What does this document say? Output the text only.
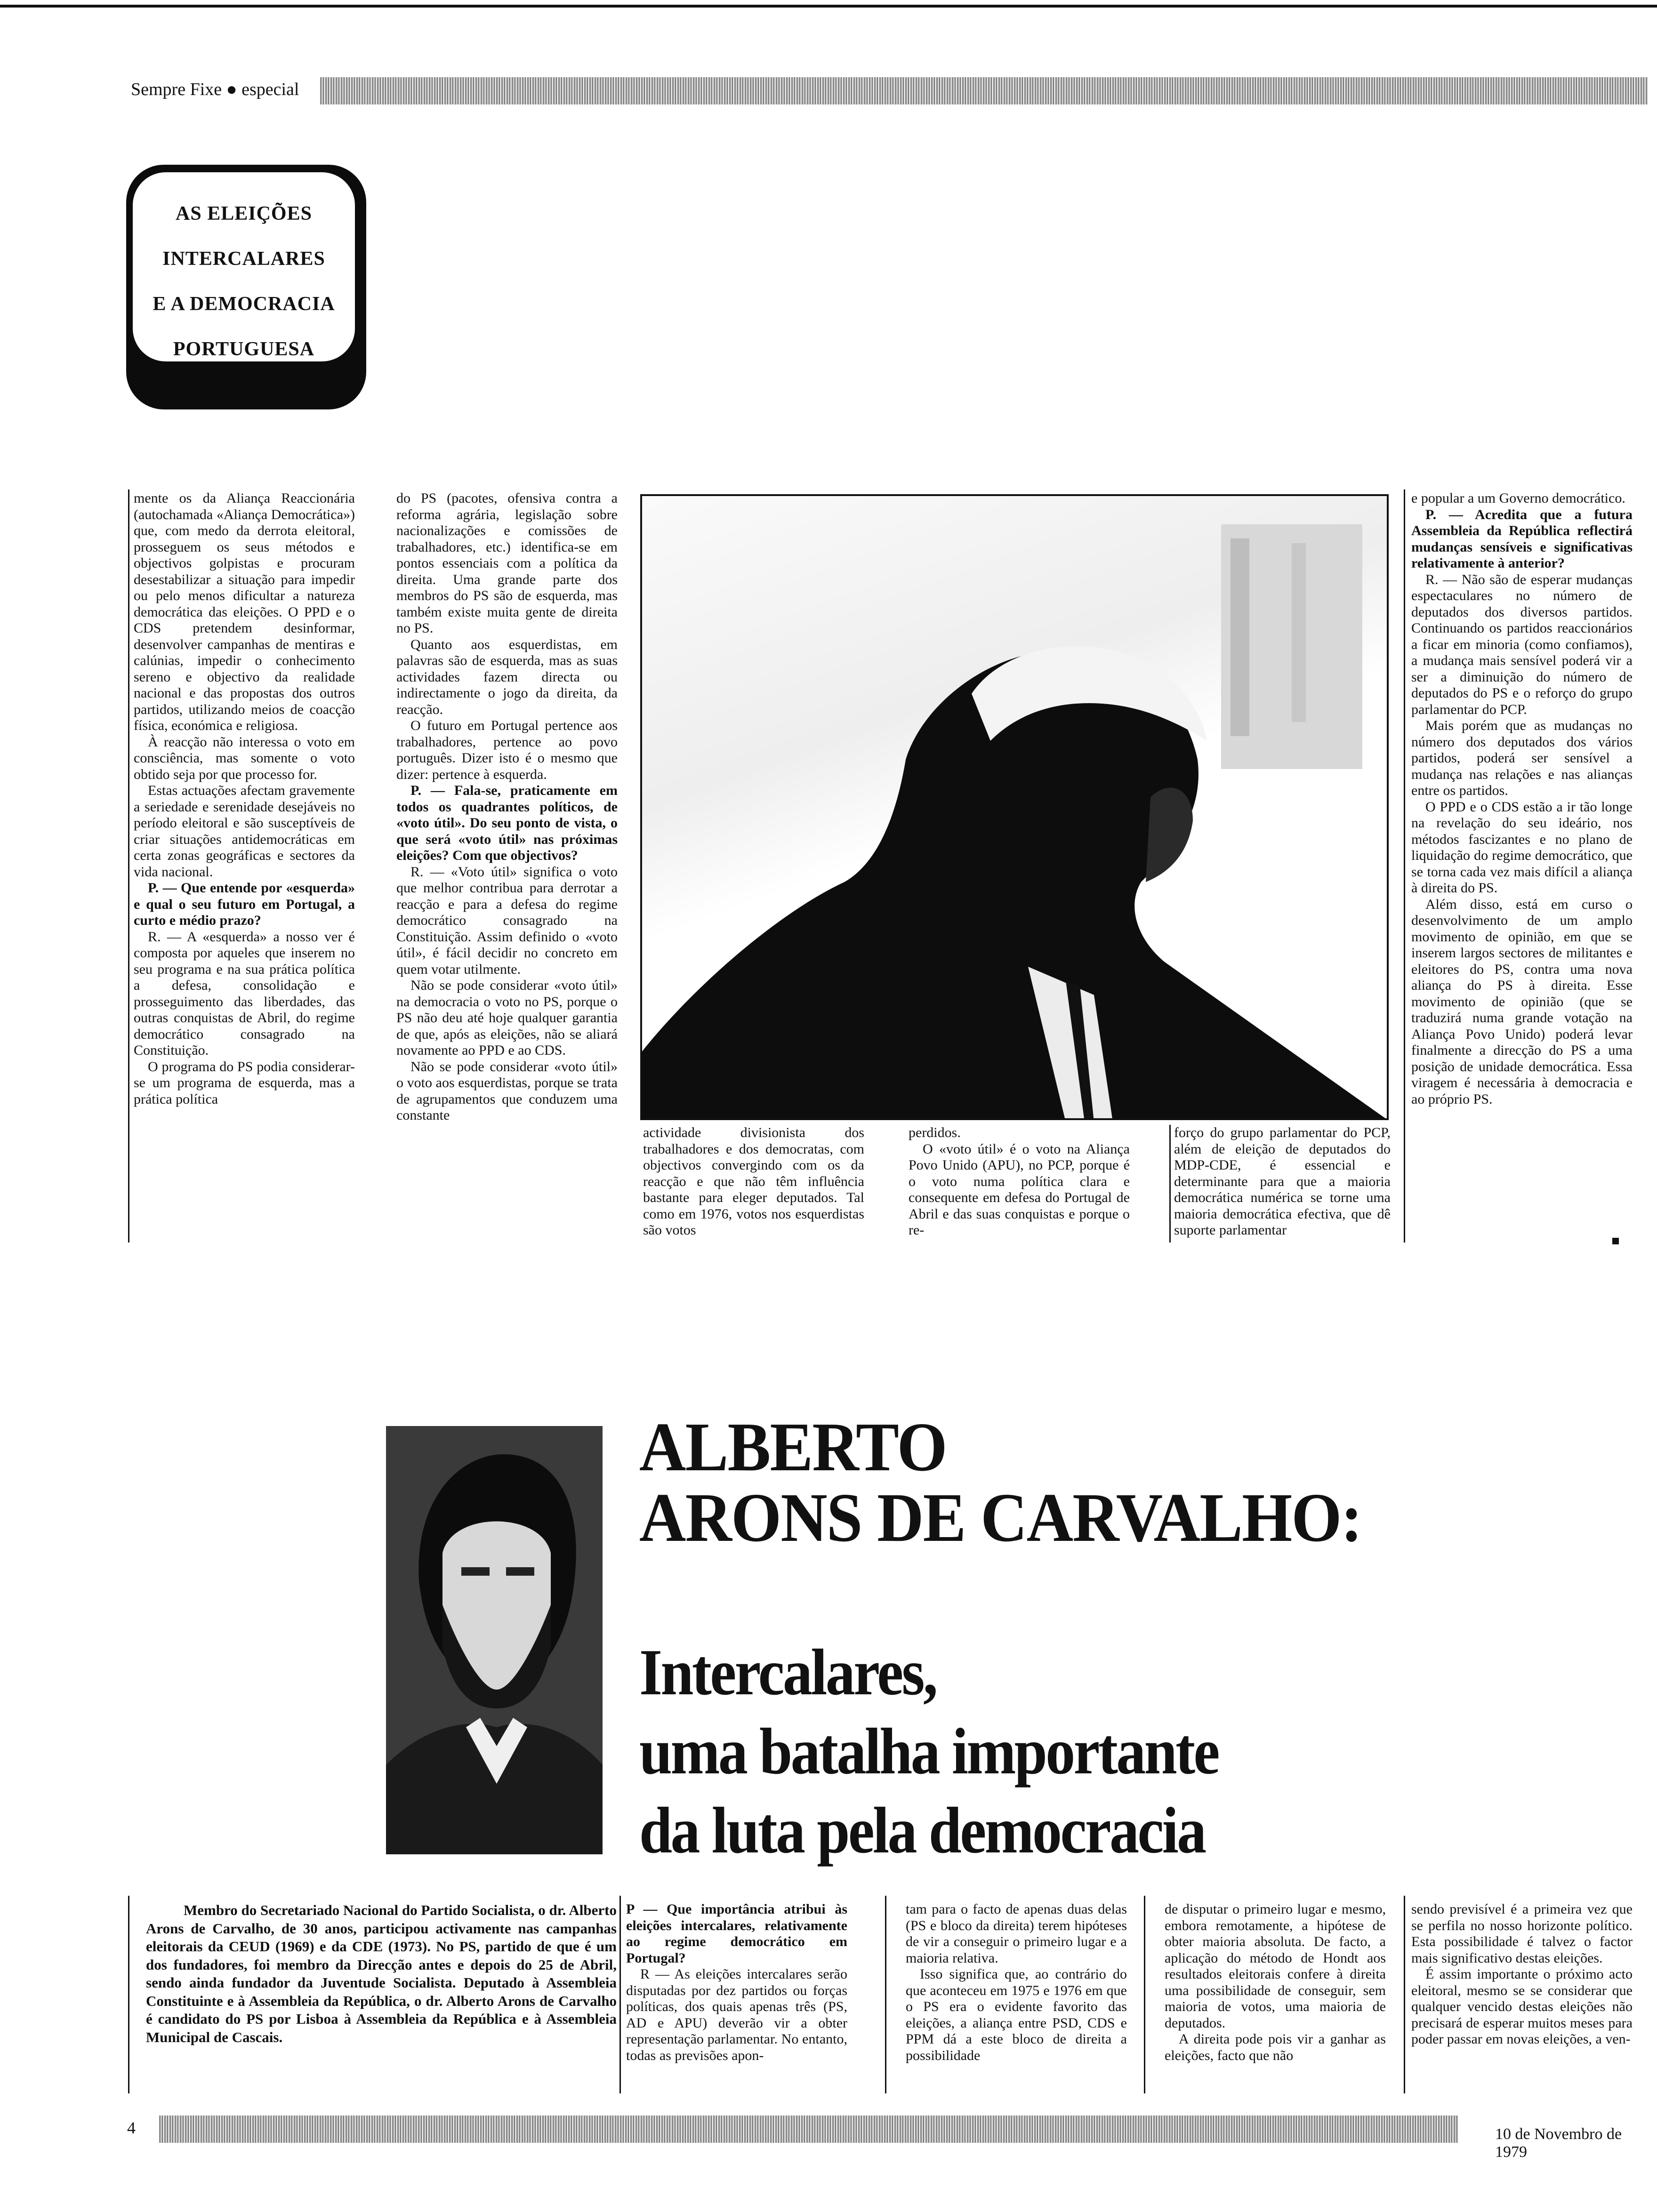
Sempre Fixe ● especial
AS ELEIÇÕES
INTERCALARES
E A DEMOCRACIA
PORTUGUESA

mente os da Aliança Reaccionária (autochamada «Aliança Democrática») que, com medo da derrota eleitoral, prosseguem os seus métodos e objectivos golpistas e procuram desestabilizar a situação para impedir ou pelo menos dificultar a natureza democrática das eleições. O PPD e o CDS pretendem desinformar, desenvolver campanhas de mentiras e calúnias, impedir o conhecimento sereno e objectivo da realidade nacional e das propostas dos outros partidos, utilizando meios de coacção física, económica e religiosa.

À reacção não interessa o voto em consciência, mas somente o voto obtido seja por que processo for.

Estas actuações afectam gravemente a seriedade e serenidade desejáveis no período eleitoral e são susceptíveis de criar situações antidemocráticas em certa zonas geográficas e sectores da vida nacional.

P. — Que entende por «esquerda» e qual o seu futuro em Portugal, a curto e médio prazo?

R. — A «esquerda» a nosso ver é composta por aqueles que inserem no seu programa e na sua prática política a defesa, consolidação e prosseguimento das liberdades, das outras conquistas de Abril, do regime democrático consagrado na Constituição.

O programa do PS podia considerar-se um programa de esquerda, mas a prática política

do PS (pacotes, ofensiva contra a reforma agrária, legislação sobre nacionalizações e comissões de trabalhadores, etc.) identifica-se em pontos essenciais com a política da direita. Uma grande parte dos membros do PS são de esquerda, mas também existe muita gente de direita no PS.

Quanto aos esquerdistas, em palavras são de esquerda, mas as suas actividades fazem directa ou indirectamente o jogo da direita, da reacção.

O futuro em Portugal pertence aos trabalhadores, pertence ao povo português. Dizer isto é o mesmo que dizer: pertence à esquerda.

P. — Fala-se, praticamente em todos os quadrantes políticos, de «voto útil». Do seu ponto de vista, o que será «voto útil» nas próximas eleições? Com que objectivos?

R. — «Voto útil» significa o voto que melhor contribua para derrotar a reacção e para a defesa do regime democrático consagrado na Constituição. Assim definido o «voto útil», é fácil decidir no concreto em quem votar utilmente.

Não se pode considerar «voto útil» na democracia o voto no PS, porque o PS não deu até hoje qualquer garantia de que, após as eleições, não se aliará novamente ao PPD e ao CDS.

Não se pode considerar «voto útil» o voto aos esquerdistas, porque se trata de agrupamentos que conduzem uma constante

actividade divisionista dos trabalhadores e dos democratas, com objectivos convergindo com os da reacção e que não têm influência bastante para eleger deputados. Tal como em 1976, votos nos esquerdistas são votos

perdidos.

O «voto útil» é o voto na Aliança Povo Unido (APU), no PCP, porque é o voto numa política clara e consequente em defesa do Portugal de Abril e das suas conquistas e porque o re-

forço do grupo parlamentar do PCP, além de eleição de deputados do MDP-CDE, é essencial e determinante para que a maioria democrática numérica se torne uma maioria democrática efectiva, que dê suporte parlamentar

e popular a um Governo democrático.

P. — Acredita que a futura Assembleia da República reflectirá mudanças sensíveis e significativas relativamente à anterior?

R. — Não são de esperar mudanças espectaculares no número de deputados dos diversos partidos. Continuando os partidos reaccionários a ficar em minoria (como confiamos), a mudança mais sensível poderá vir a ser a diminuição do número de deputados do PS e o reforço do grupo parlamentar do PCP.

Mais porém que as mudanças no número dos deputados dos vários partidos, poderá ser sensível a mudança nas relações e nas alianças entre os partidos.

O PPD e o CDS estão a ir tão longe na revelação do seu ideário, nos métodos fascizantes e no plano de liquidação do regime democrático, que se torna cada vez mais difícil a aliança à direita do PS.

Além disso, está em curso o desenvolvimento de um amplo movimento de opinião, em que se inserem largos sectores de militantes e eleitores do PS, contra uma nova aliança do PS à direita. Esse movimento de opinião (que se traduzirá numa grande votação na Aliança Povo Unido) poderá levar finalmente a direcção do PS a uma posição de unidade democrática. Essa viragem é necessária à democracia e ao próprio PS.

ALBERTO
ARONS DE CARVALHO:
Intercalares,
uma batalha importante
da luta pela democracia

Membro do Secretariado Nacional do Partido Socialista, o dr. Alberto Arons de Carvalho, de 30 anos, participou activamente nas campanhas eleitorais da CEUD (1969) e da CDE (1973). No PS, partido de que é um dos fundadores, foi membro da Direcção antes e depois do 25 de Abril, sendo ainda fundador da Juventude Socialista. Deputado à Assembleia Constituinte e à Assembleia da República, o dr. Alberto Arons de Carvalho é candidato do PS por Lisboa à Assembleia da República e à Assembleia Municipal de Cascais.

P — Que importância atribui às eleições intercalares, relativamente ao regime democrático em Portugal?

R — As eleições intercalares serão disputadas por dez partidos ou forças políticas, dos quais apenas três (PS, AD e APU) deverão vir a obter representação parlamentar. No entanto, todas as previsões apon-

tam para o facto de apenas duas delas (PS e bloco da direita) terem hipóteses de vir a conseguir o primeiro lugar e a maioria relativa.

Isso significa que, ao contrário do que aconteceu em 1975 e 1976 em que o PS era o evidente favorito das eleições, a aliança entre PSD, CDS e PPM dá a este bloco de direita a possibilidade

de disputar o primeiro lugar e mesmo, embora remotamente, a hipótese de obter maioria absoluta. De facto, a aplicação do método de Hondt aos resultados eleitorais confere à direita uma possibilidade de conseguir, sem maioria de votos, uma maioria de deputados.

A direita pode pois vir a ganhar as eleições, facto que não

sendo previsível é a primeira vez que se perfila no nosso horizonte político. Esta possibilidade é talvez o factor mais significativo destas eleições.

É assim importante o próximo acto eleitoral, mesmo se se considerar que qualquer vencido destas eleições não precisará de esperar muitos meses para poder passar em novas eleições, a ven-

4	10 de Novembro de 1979
